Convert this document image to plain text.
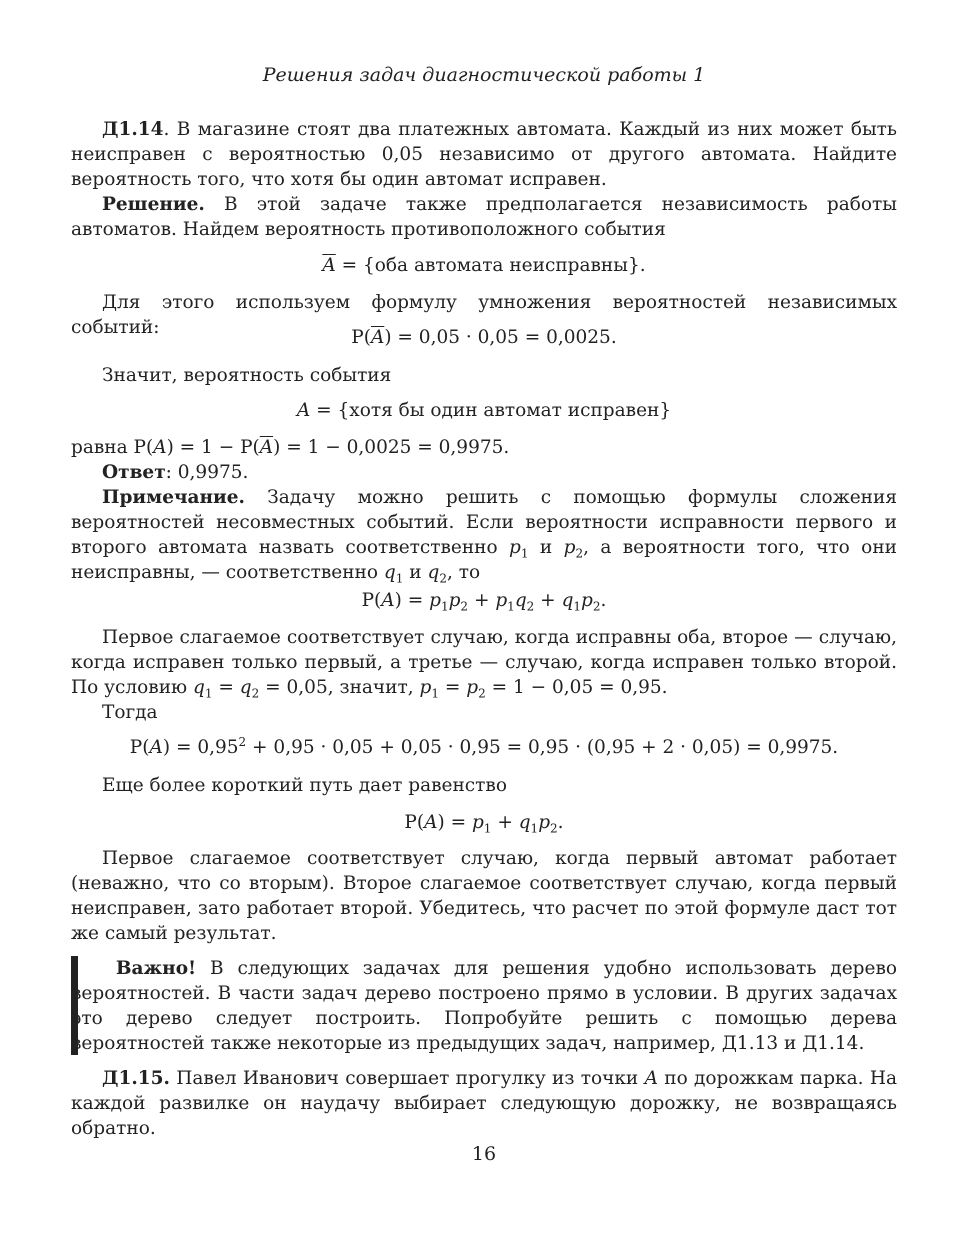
Решения задач диагностической работы 1

Д1.14. В магазине стоят два платежных автомата. Каждый из них может быть неисправен с вероятностью 0,05 независимо от другого автомата. Найдите вероятность того, что хотя бы один автомат исправен.

Решение. В этой задаче также предполагается независимость работы автоматов. Найдем вероятность противоположного события

$\overline{A} = \{оба$ автомата неисправны}.

Для этого используем формулу умножения вероятностей независимых событий:	$P(\overline{A}) = 0,05 \cdot 0,05 = 0,0025$.

Значит, вероятность события

A = {хотя бы один автомат исправен}

равна $P(A) = 1 - P(\overline{A}) = 1 - 0,0025 = 0,9975$.

Ответ: 0,9975.

Примечание. Задачу можно решить с помощью формулы сложения вероятностей несовместных событий. Если вероятности исправности первого и второго автомата назвать соответственно $p_1$ и $p_2$, а вероятности того, что они неисправны, — соответственно $q_1$ и $q_2$, то

$P(A) = p_1p_2 + p_1q_2 + q_1p_2$.

Первое слагаемое соответствует случаю, когда исправны оба, второе — случаю, когда исправен только первый, а третье — случаю, когда исправен только второй. По условию $q_1 = q_2 = 0,05$, значит, $p_1 = p_2 = 1 - 0,05 = 0,95$.

Тогда

$P(A) = 0,95^2 + 0,95 \cdot 0,05 + 0,05 \cdot 0,95 = 0,95 \cdot (0,95 + 2 \cdot 0,05) = 0,9975$.

Еще более короткий путь дает равенство

$P(A) = p_1 + q_1p_2$.

Первое слагаемое соответствует случаю, когда первый автомат работает (неважно, что со вторым). Второе слагаемое соответствует случаю, когда первый неисправен, зато работает второй. Убедитесь, что расчет по этой формуле даст тот же самый результат.

Важно! В следующих задачах для решения удобно использовать дерево вероятностей. В части задач дерево построено прямо в условии. В других задачах это дерево следует построить. Попробуйте решить с помощью дерева вероятностей также некоторые из предыдущих задач, например, Д1.13 и Д1.14.

Д1.15. Павел Иванович совершает прогулку из точки A по дорожкам парка. На каждой развилке он наудачу выбирает следующую дорожку, не возвращаясь обратно.

16
